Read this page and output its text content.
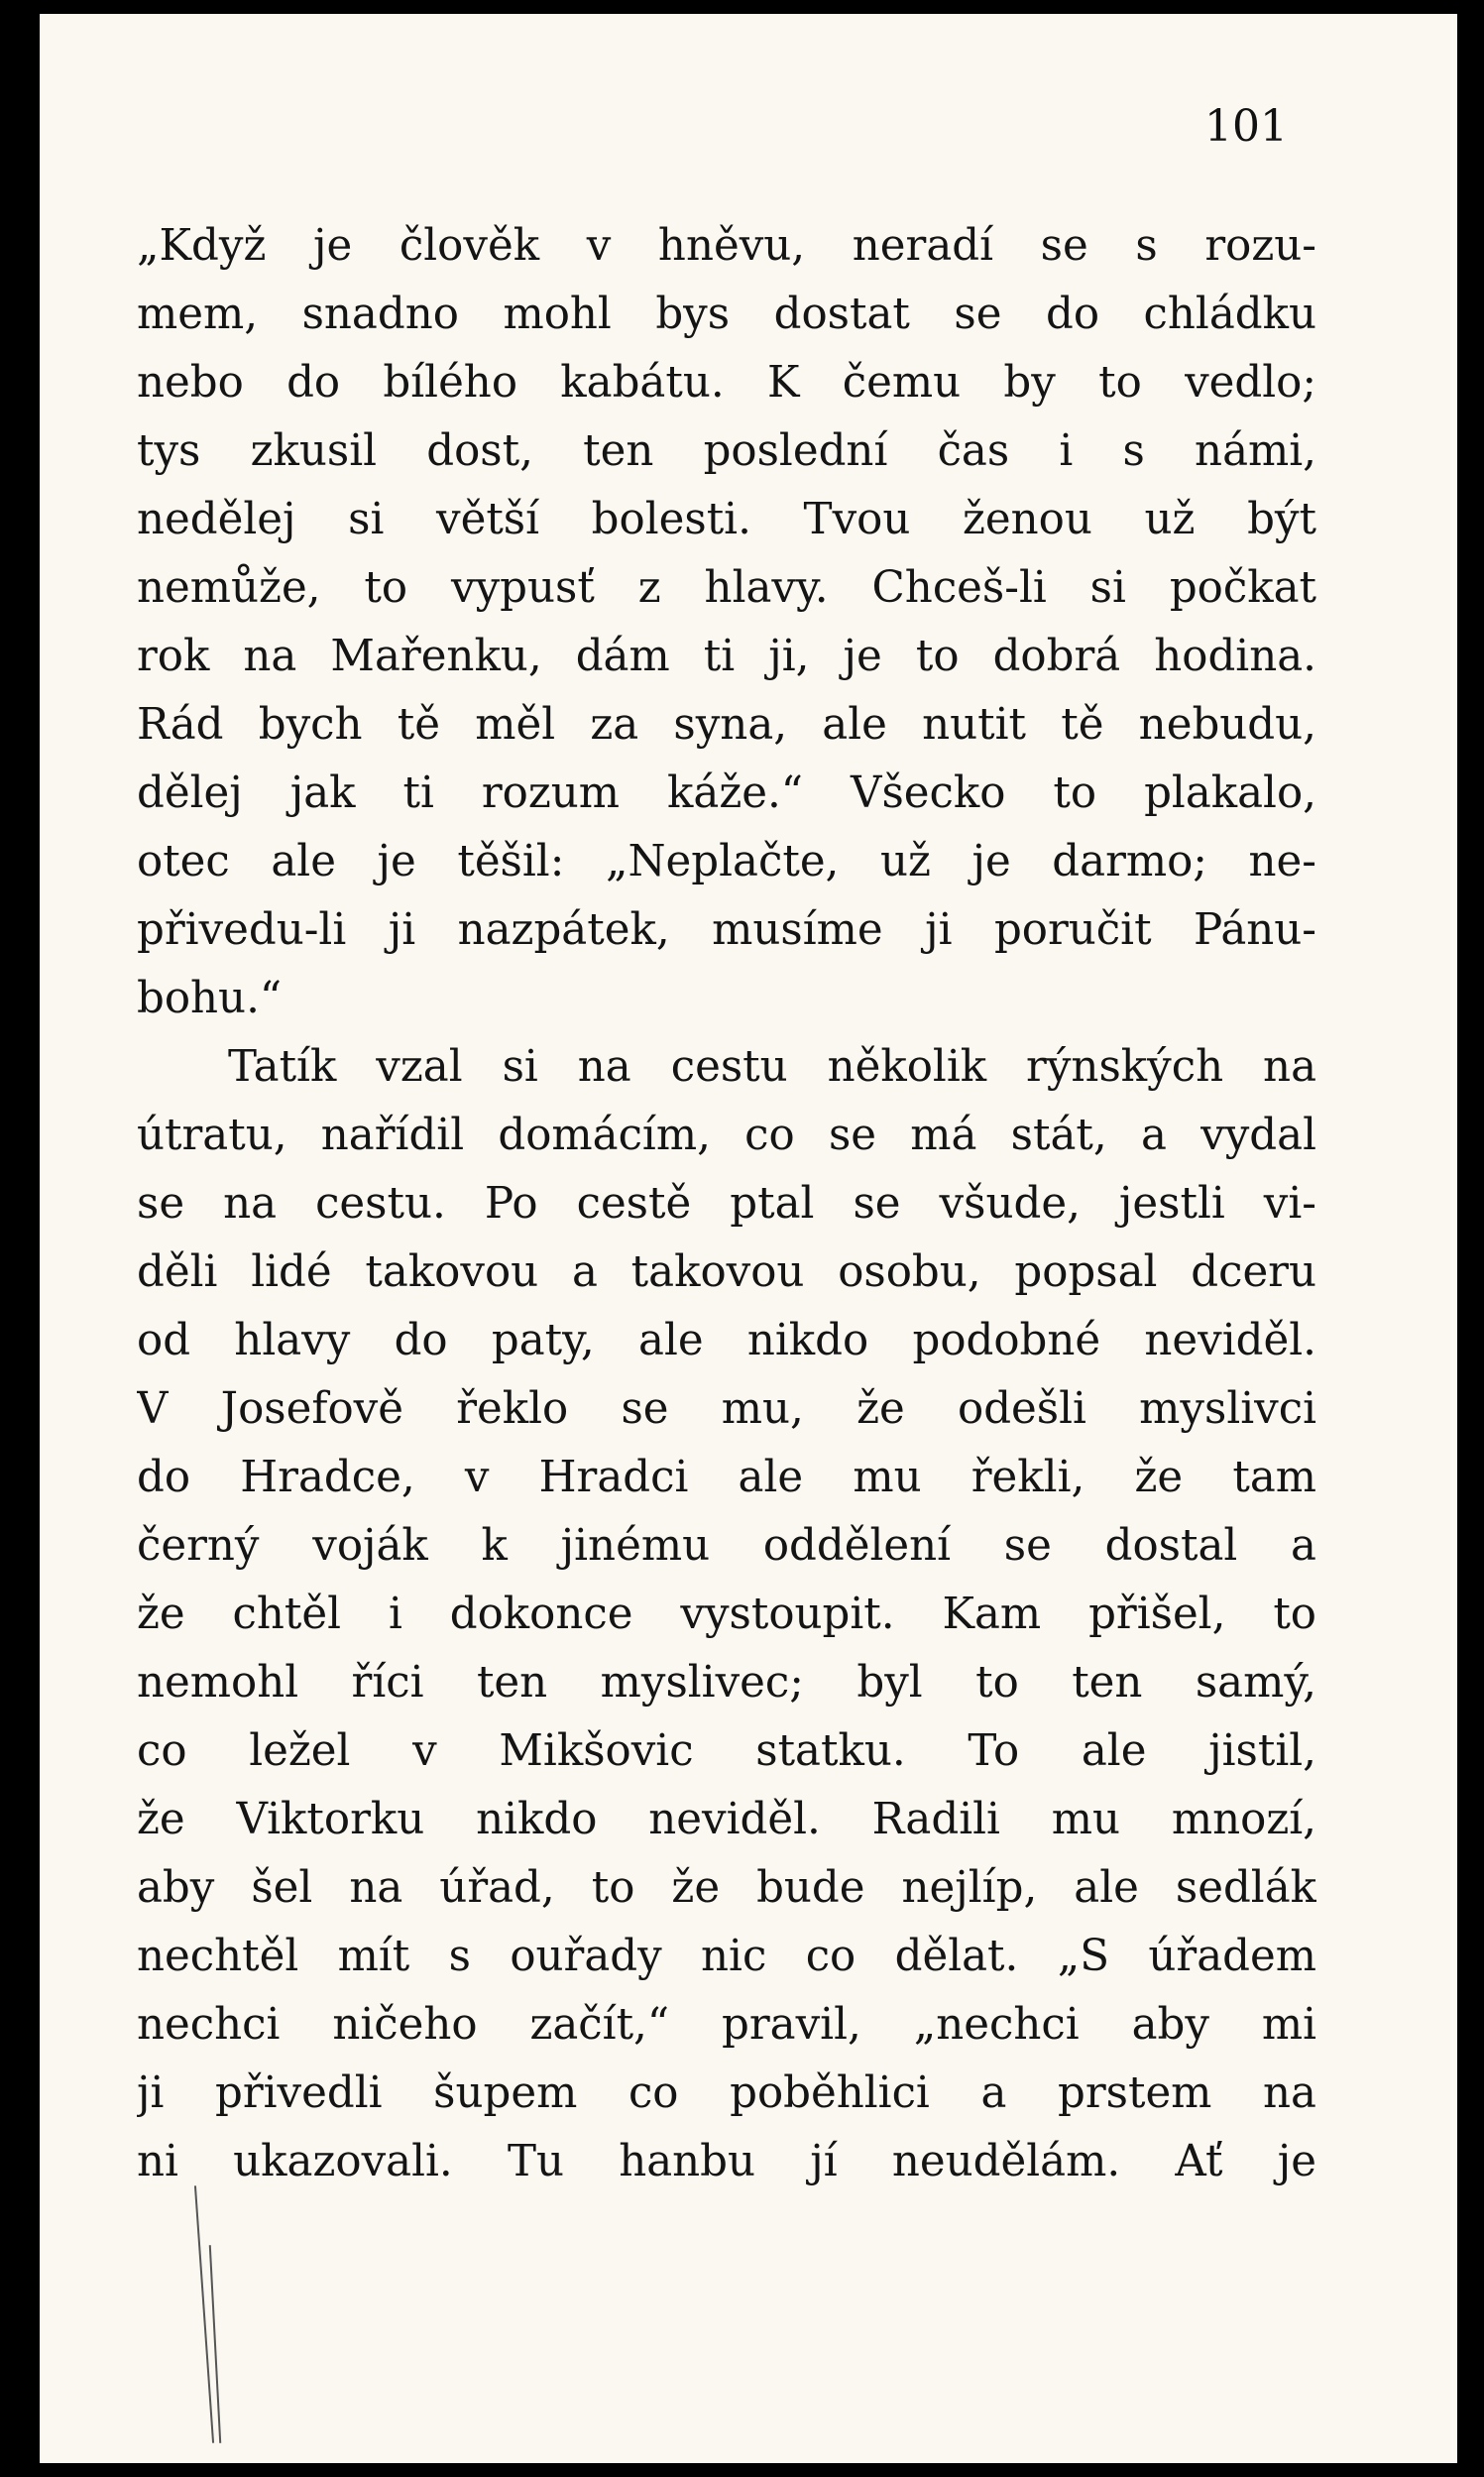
101
„Když je člověk v hněvu, neradí se s rozu-
mem, snadno mohl bys dostat se do chládku
nebo do bílého kabátu. K čemu by to vedlo;
tys zkusil dost, ten poslední čas i s námi,
nedělej si větší bolesti. Tvou ženou už být
nemůže, to vypusť z hlavy. Chceš-li si počkat
rok na Mařenku, dám ti ji, je to dobrá hodina.
Rád bych tě měl za syna, ale nutit tě nebudu,
dělej jak ti rozum káže.“ Všecko to plakalo,
otec ale je těšil: „Neplačte, už je darmo; ne-
přivedu-li ji nazpátek, musíme ji poručit Pánu-
bohu.“
Tatík vzal si na cestu několik rýnských na
útratu, nařídil domácím, co se má stát, a vydal
se na cestu. Po cestě ptal se všude, jestli vi-
děli lidé takovou a takovou osobu, popsal dceru
od hlavy do paty, ale nikdo podobné neviděl.
V Josefově řeklo se mu, že odešli myslivci
do Hradce, v Hradci ale mu řekli, že tam
černý voják k jinému oddělení se dostal a
že chtěl i dokonce vystoupit. Kam přišel, to
nemohl říci ten myslivec; byl to ten samý,
co ležel v Mikšovic statku. To ale jistil,
že Viktorku nikdo neviděl. Radili mu mnozí,
aby šel na úřad, to že bude nejlíp, ale sedlák
nechtěl mít s ouřady nic co dělat. „S úřadem
nechci ničeho začít,“ pravil, „nechci aby mi
ji přivedli šupem co poběhlici a prstem na
ni ukazovali. Tu hanbu jí neudělám. Ať je
